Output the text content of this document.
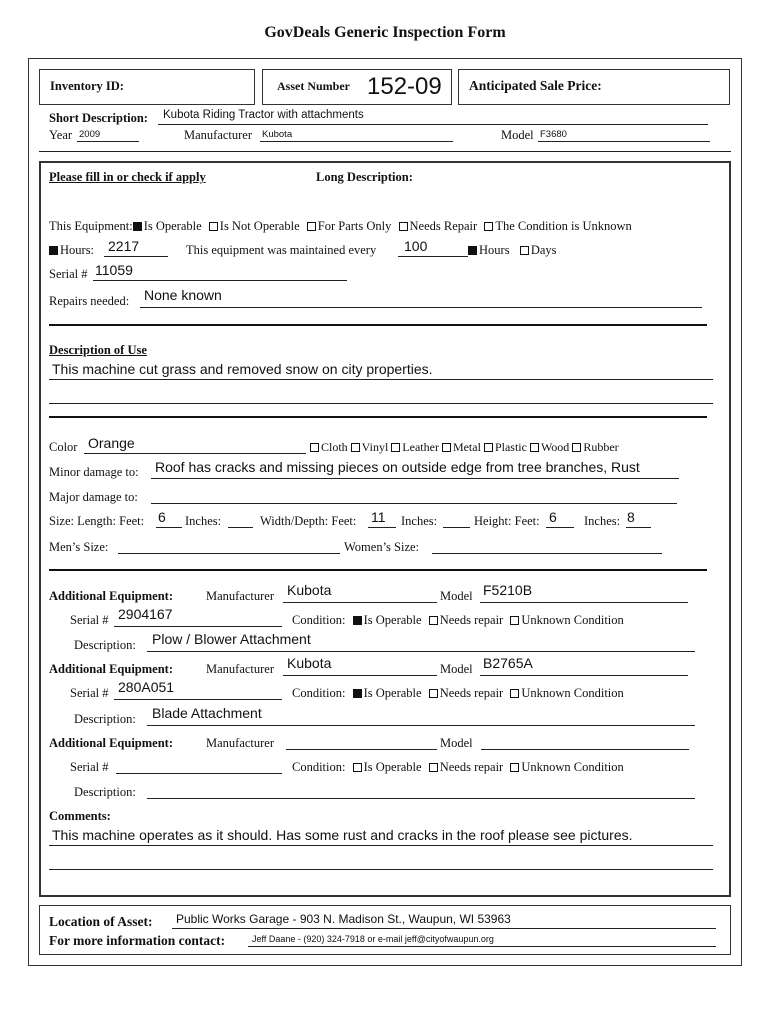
GovDeals Generic Inspection Form
Inventory ID:	Asset Number 152-09 Anticipated Sale Price:
Short Description: Kubota Riding Tractor with attachments
Year 2009	Manufacturer Kubota	Model F3680
Please fill in or check if apply	Long Description:
This Equipment: Is Operable Is Not Operable For Parts Only Needs Repair The Condition is Unknown
Hours: 2217	This equipment was maintained every 100	Hours Days
Serial # 11059
Repairs needed: None known
Description of Use
This machine cut grass and removed snow on city properties.
Color Orange	Cloth Vinyl Leather Metal Plastic Wood Rubber
Minor damage to: Roof has cracks and missing pieces on outside edge from tree branches, Rust
Major damage to:
Size: Length: Feet: 6 Inches:	Width/Depth: Feet: 11 Inches:	Height: Feet: 6 Inches: 8
Men’s Size:	Women’s Size:
Additional Equipment:	Manufacturer Kubota	Model F5210B
Serial # 2904167	Condition: Is Operable Needs repair Unknown Condition
Description: Plow / Blower Attachment
Additional Equipment:	Manufacturer Kubota	Model B2765A
Serial # 280A051	Condition: Is Operable Needs repair Unknown Condition
Description: Blade Attachment
Additional Equipment:	Manufacturer	Model
Serial #	Condition: Is Operable Needs repair Unknown Condition
Description:
Comments:
This machine operates as it should. Has some rust and cracks in the roof please see pictures.
Location of Asset: Public Works Garage - 903 N. Madison St., Waupun, WI 53963
For more information contact:	Jeff Daane - (920) 324-7918 or e-mail jeff@cityofwaupun.org
